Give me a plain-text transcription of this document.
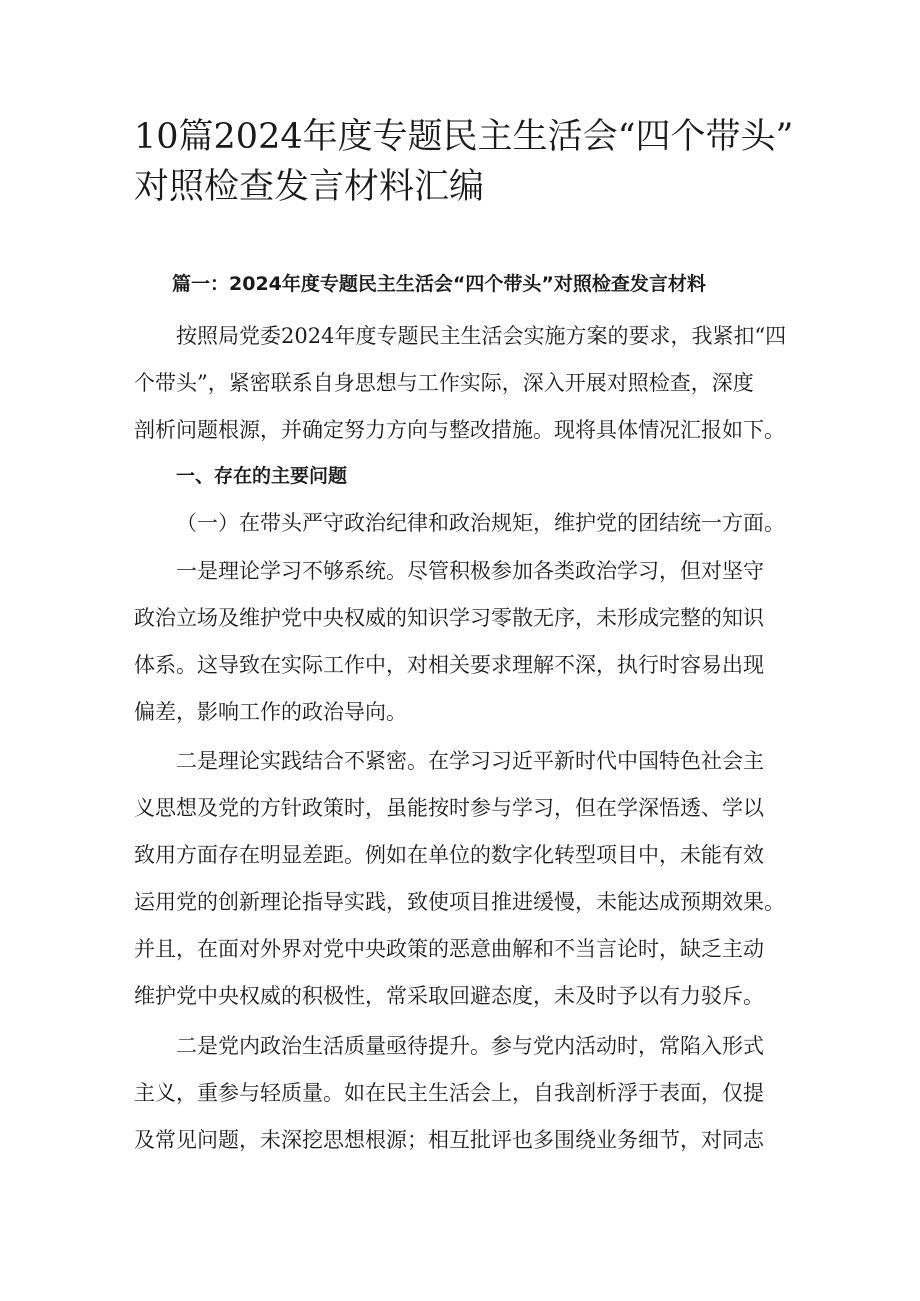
10篇2024年度专题民主生活会“四个带头”
对照检查发言材料汇编
篇一：2024年度专题民主生活会“四个带头”对照检查发言材料

按照局党委2024年度专题民主生活会实施方案的要求，我紧扣“四
个带头”，紧密联系自身思想与工作实际，深入开展对照检查，深度
剖析问题根源，并确定努力方向与整改措施。现将具体情况汇报如下。

一、存在的主要问题

（一）在带头严守政治纪律和政治规矩，维护党的团结统一方面。

一是理论学习不够系统。尽管积极参加各类政治学习，但对坚守
政治立场及维护党中央权威的知识学习零散无序，未形成完整的知识
体系。这导致在实际工作中，对相关要求理解不深，执行时容易出现
偏差，影响工作的政治导向。

二是理论实践结合不紧密。在学习习近平新时代中国特色社会主
义思想及党的方针政策时，虽能按时参与学习，但在学深悟透、学以
致用方面存在明显差距。例如在单位的数字化转型项目中，未能有效
运用党的创新理论指导实践，致使项目推进缓慢，未能达成预期效果。
并且，在面对外界对党中央政策的恶意曲解和不当言论时，缺乏主动
维护党中央权威的积极性，常采取回避态度，未及时予以有力驳斥。

二是党内政治生活质量亟待提升。参与党内活动时，常陷入形式
主义，重参与轻质量。如在民主生活会上，自我剖析浮于表面，仅提
及常见问题，未深挖思想根源；相互批评也多围绕业务细节，对同志
